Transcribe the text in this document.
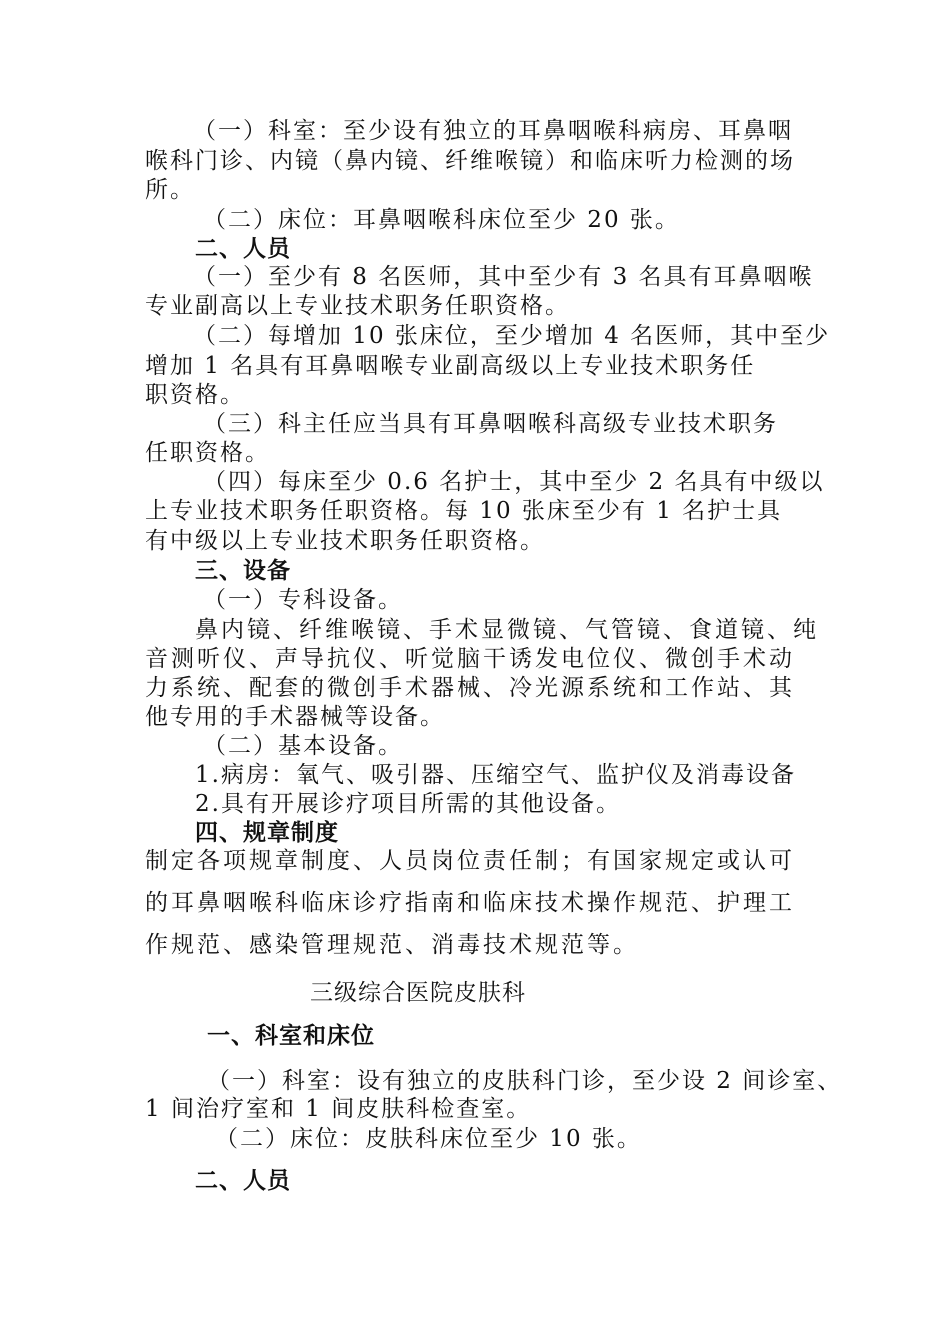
（一）科室：至少设有独立的耳鼻咽喉科病房、耳鼻咽
喉科门诊、内镜（鼻内镜、纤维喉镜）和临床听力检测的场
所。
（二）床位：耳鼻咽喉科床位至少 20 张。
二、人员
（一）至少有 8 名医师，其中至少有 3 名具有耳鼻咽喉
专业副高以上专业技术职务任职资格。
（二）每增加 10 张床位，至少增加 4 名医师，其中至少
增加 1 名具有耳鼻咽喉专业副高级以上专业技术职务任
职资格。
（三）科主任应当具有耳鼻咽喉科高级专业技术职务
任职资格。
（四）每床至少 0.6 名护士，其中至少 2 名具有中级以
上专业技术职务任职资格。每 10 张床至少有 1 名护士具
有中级以上专业技术职务任职资格。
三、设备
（一）专科设备。
鼻内镜、纤维喉镜、手术显微镜、气管镜、食道镜、纯
音测听仪、声导抗仪、听觉脑干诱发电位仪、微创手术动
力系统、配套的微创手术器械、冷光源系统和工作站、其
他专用的手术器械等设备。
（二）基本设备。
1.病房：氧气、吸引器、压缩空气、监护仪及消毒设备
2.具有开展诊疗项目所需的其他设备。
四、规章制度
制定各项规章制度、人员岗位责任制；有国家规定或认可
的耳鼻咽喉科临床诊疗指南和临床技术操作规范、护理工
作规范、感染管理规范、消毒技术规范等。
三级综合医院皮肤科
一、科室和床位
（一）科室：设有独立的皮肤科门诊，至少设 2 间诊室、
1 间治疗室和 1 间皮肤科检查室。
（二）床位：皮肤科床位至少 10 张。
二、人员
